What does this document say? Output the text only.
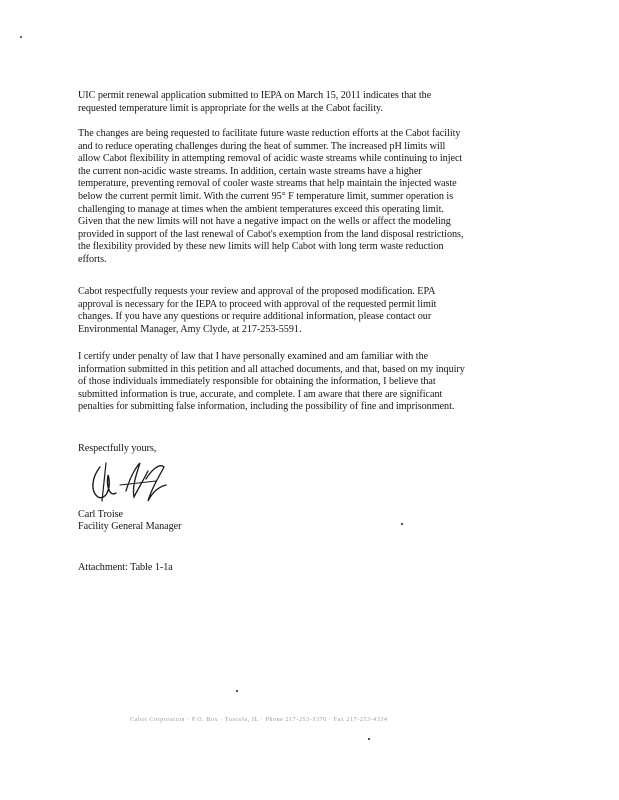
UIC permit renewal application submitted to IEPA on March 15, 2011 indicates that the
requested temperature limit is appropriate for the wells at the Cabot facility.
The changes are being requested to facilitate future waste reduction efforts at the Cabot facility
and to reduce operating challenges during the heat of summer. The increased pH limits will
allow Cabot flexibility in attempting removal of acidic waste streams while continuing to inject
the current non-acidic waste streams. In addition, certain waste streams have a higher
temperature, preventing removal of cooler waste streams that help maintain the injected waste
below the current permit limit. With the current 95° F temperature limit, summer operation is
challenging to manage at times when the ambient temperatures exceed this operating limit.
Given that the new limits will not have a negative impact on the wells or affect the modeling
provided in support of the last renewal of Cabot's exemption from the land disposal restrictions,
the flexibility provided by these new limits will help Cabot with long term waste reduction
efforts.
Cabot respectfully requests your review and approval of the proposed modification. EPA
approval is necessary for the IEPA to proceed with approval of the requested permit limit
changes. If you have any questions or require additional information, please contact our
Environmental Manager, Amy Clyde, at 217-253-5591.
I certify under penalty of law that I have personally examined and am familiar with the
information submitted in this petition and all attached documents, and that, based on my inquiry
of those individuals immediately responsible for obtaining the information, I believe that
submitted information is true, accurate, and complete. I am aware that there are significant
penalties for submitting false information, including the possibility of fine and imprisonment.
Respectfully yours,
Carl Troise
Facility General Manager
Attachment: Table 1-1a
Cabot Corporation · P.O. Box · Tuscola, IL · Phone 217-253-3370 · Fax 217-253-4334
